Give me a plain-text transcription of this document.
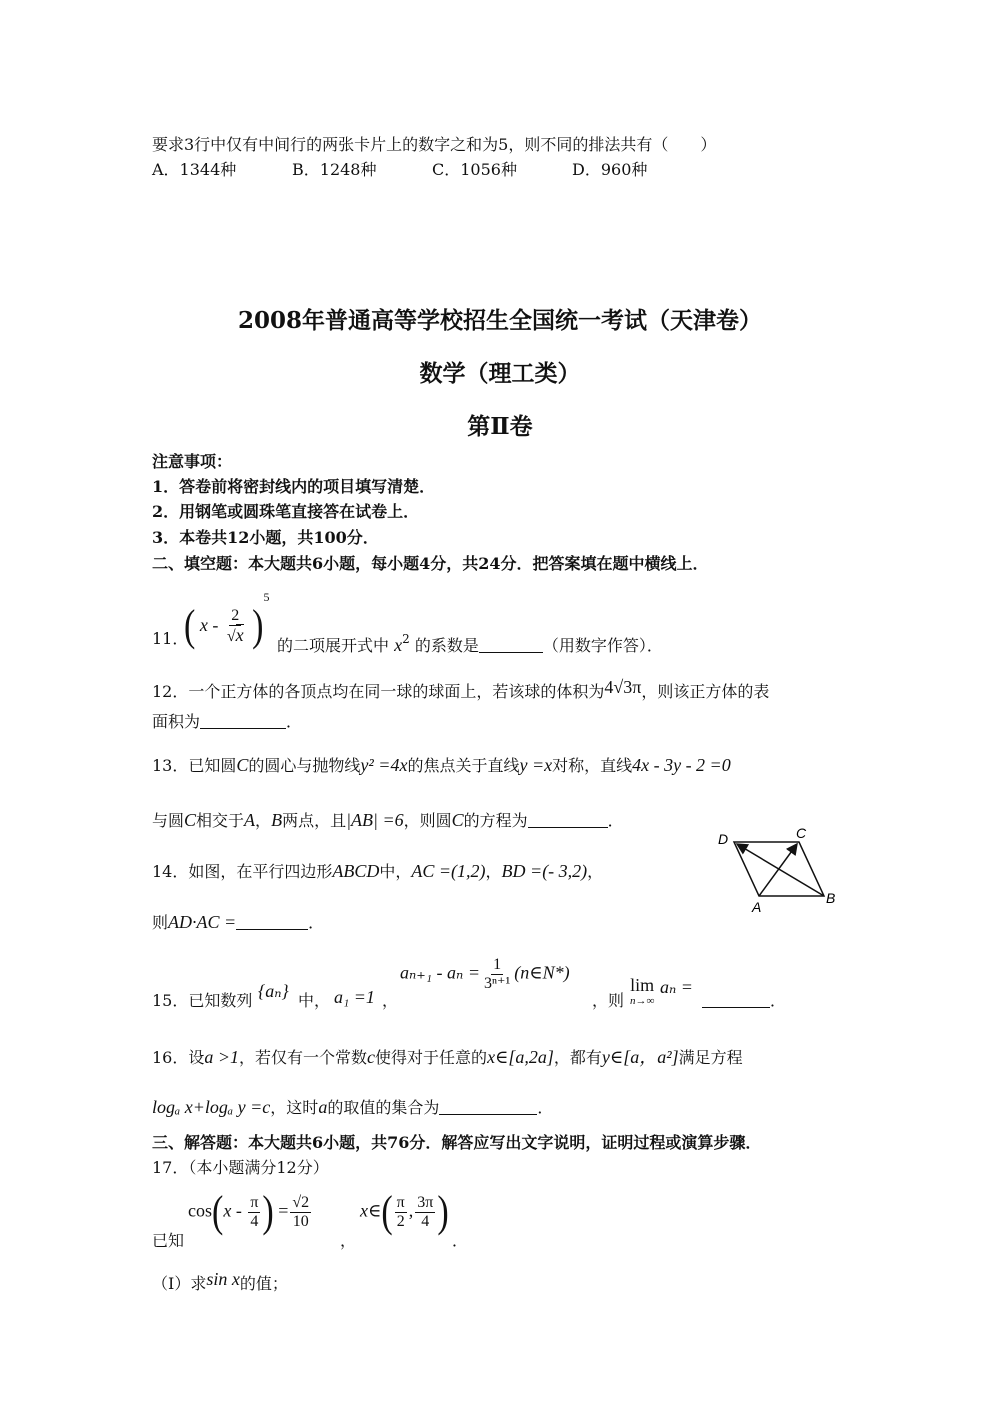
要求3行中仅有中间行的两张卡片上的数字之和为5，则不同的排法共有（　　）
A．1344种	B．1248种	C．1056种	D．960种
2008年普通高等学校招生全国统一考试（天津卷）
数学（理工类）
第Ⅱ卷
注意事项：
1．答卷前将密封线内的项目填写清楚．
2．用钢笔或圆珠笔直接答在试卷上．
3．本卷共12小题，共100分．
二、填空题：本大题共6小题，每小题4分，共24分．把答案填在题中横线上．
11．
( x - $\frac{2}{√x} )^5$
的二项展开式中 $x^2$ 的系数是	（用数字作答）．
12．一个正方体的各顶点均在同一球的球面上，若该球的体积为4√3π，则该正方体的表
面积为	．
13．已知圆C的圆心与抛物线y² =4x的焦点关于直线y =x对称，直线4x - 3y - 2 =0
与圆C相交于A，B两点，且|AB| =6，则圆C的方程为	．
14．如图，在平行四边形ABCD中，AC =(1,2)，BD =(- 3,2)，
则AD·AC =	．
D	C
A
B
15．已知数列 {aₙ} 中， a₁ =1 ，
$a_{n+1} - a_n = \frac{1}{\text{3ⁿ⁺¹}}$ (n∈N*)
，则
lim
n→∞
aₙ =
．
16．设a >1，若仅有一个常数c使得对于任意的x∈[a,2a]，都有y∈[a，a²]满足方程
logₐ x+logₐ y =c，这时a的取值的集合为	．
三、解答题：本大题共6小题，共76分．解答应写出文字说明，证明过程或演算步骤．
17．（本小题满分12分）
已知
$\cos(x - \frac{\pi}{4}$ ) = $\frac{√2}{10}$
，
x∈( $\frac{\pi}{2}$ , $\frac{3\pi}{4}$ )
．
（Ⅰ）求sin x的值；
